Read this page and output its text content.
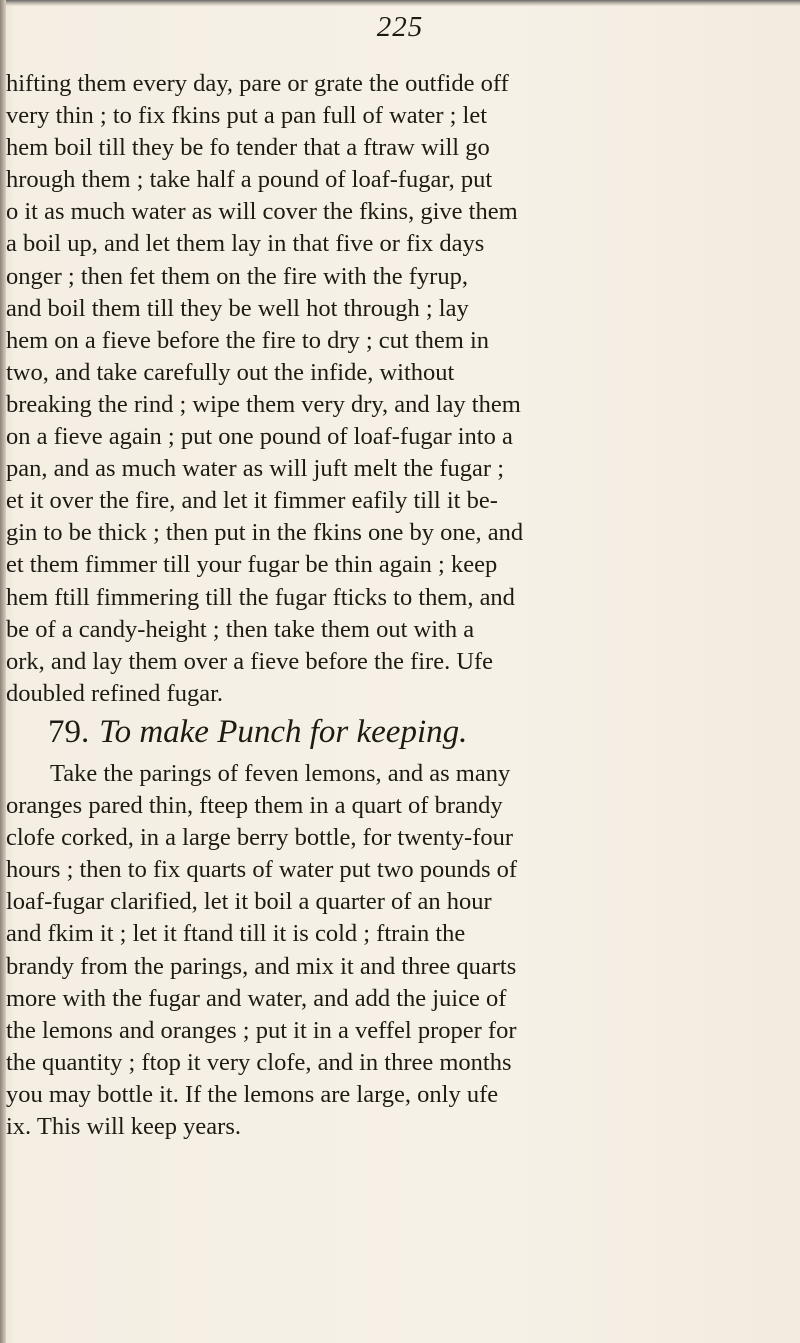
225
hifting them every day, pare or grate the outfide off
very thin ; to fix fkins put a pan full of water ; let
hem boil till they be fo tender that a ftraw will go
hrough them ; take half a pound of loaf-fugar, put
o it as much water as will cover the fkins, give them
a boil up, and let them lay in that five or fix days
onger ; then fet them on the fire with the fyrup,
and boil them till they be well hot through ; lay
hem on a fieve before the fire to dry ; cut them in
two, and take carefully out the infide, without
breaking the rind ; wipe them very dry, and lay them
on a fieve again ; put one pound of loaf-fugar into a
pan, and as much water as will juft melt the fugar ;
et it over the fire, and let it fimmer eafily till it be-
gin to be thick ; then put in the fkins one by one, and
et them fimmer till your fugar be thin again ; keep
hem ftill fimmering till the fugar fticks to them, and
be of a candy-height ; then take them out with a
ork, and lay them over a fieve before the fire. Ufe
doubled refined fugar.
79. To make Punch for keeping.
Take the parings of feven lemons, and as many
oranges pared thin, fteep them in a quart of brandy
clofe corked, in a large berry bottle, for twenty-four
hours ; then to fix quarts of water put two pounds of
loaf-fugar clarified, let it boil a quarter of an hour
and fkim it ; let it ftand till it is cold ; ftrain the
brandy from the parings, and mix it and three quarts
more with the fugar and water, and add the juice of
the lemons and oranges ; put it in a veffel proper for
the quantity ; ftop it very clofe, and in three months
you may bottle it. If the lemons are large, only ufe
ix. This will keep years.
